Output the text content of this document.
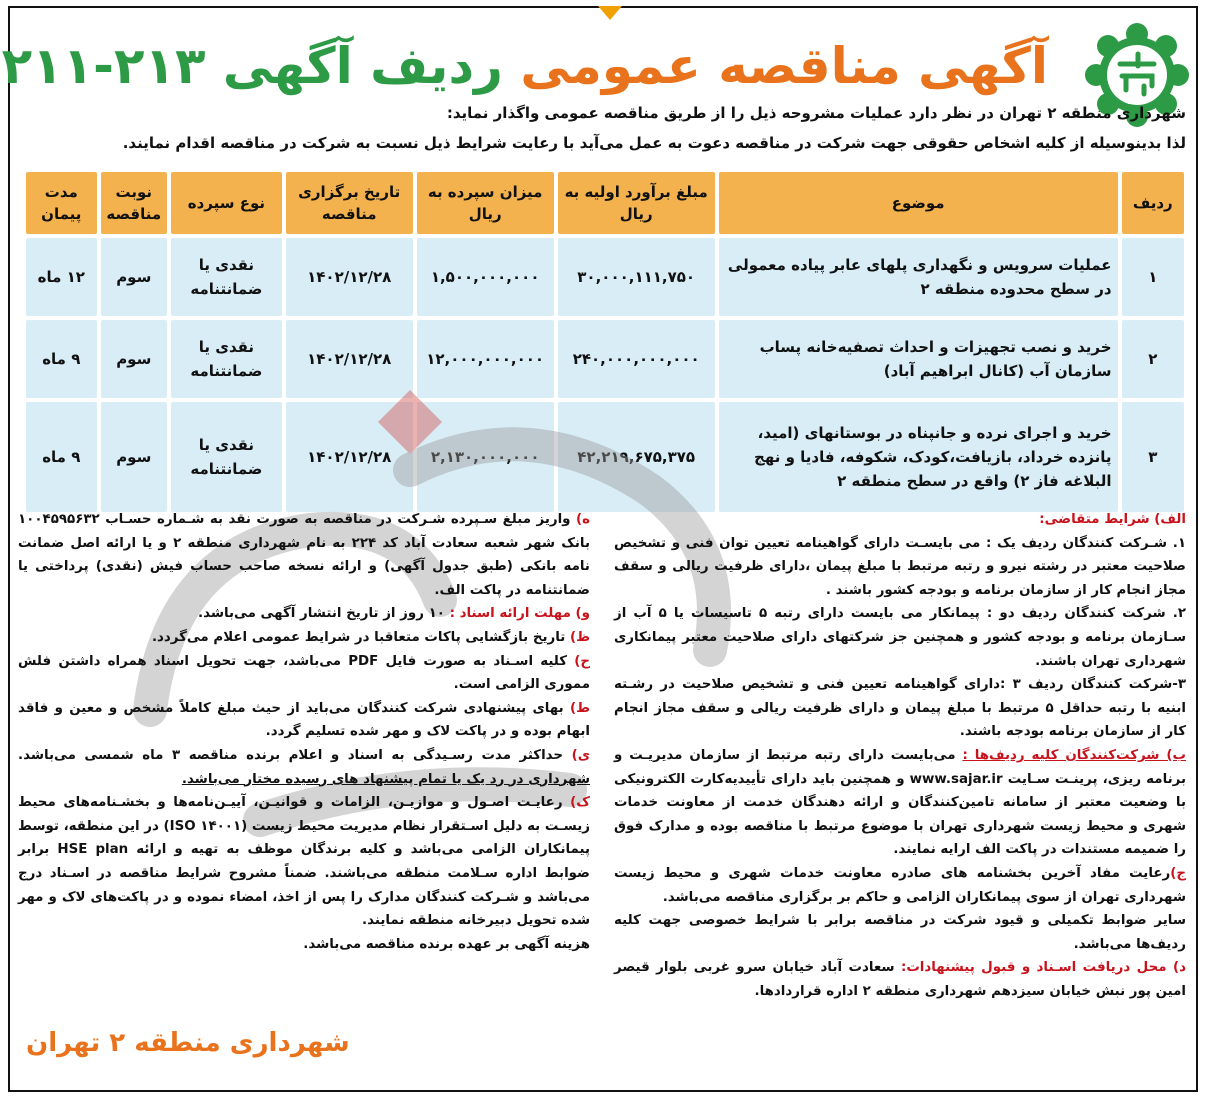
آگهی مناقصه عمومی ردیف آگهی ۲۱۳-۲۱۱
شهرداری منطقه ۲ تهران در نظر دارد عملیات مشروحه ذیل را از طریق مناقصه عمومی واگذار نماید:
لذا بدینوسیله از کلیه اشخاص حقوقی جهت شرکت در مناقصه دعوت به عمل می‌آید با رعایت شرایط ذیل نسبت به شرکت در مناقصه اقدام نمایند.
ردیف	موضوع	مبلغ برآورد اولیه به ریال	میزان سپرده به ریال	تاریخ برگزاری مناقصه	نوع سپرده	نوبت مناقصه	مدت پیمان
۱	عملیات سرویس و نگهداری پلهای عابر پیاده معمولی در سطح محدوده منطقه ۲	۳۰,۰۰۰,۱۱۱,۷۵۰	۱,۵۰۰,۰۰۰,۰۰۰	۱۴۰۲/۱۲/۲۸	نقدی یا ضمانتنامه	سوم	۱۲ ماه
۲	خرید و نصب تجهیزات و احداث تصفیه‌خانه پساب سازمان آب (کانال ابراهیم آباد)	۲۴۰,۰۰۰,۰۰۰,۰۰۰	۱۲,۰۰۰,۰۰۰,۰۰۰	۱۴۰۲/۱۲/۲۸	نقدی یا ضمانتنامه	سوم	۹ ماه
۳	خرید و اجرای نرده و جانپناه در بوستانهای (امید، پانزده خرداد، بازیافت،کودک، شکوفه، فادیا و نهج البلاغه فاز ۲) واقع در سطح منطقه ۲	۴۲,۲۱۹,۶۷۵,۳۷۵	۲,۱۳۰,۰۰۰,۰۰۰	۱۴۰۲/۱۲/۲۸	نقدی یا ضمانتنامه	سوم	۹ ماه

الف) شرایط متقاضی:

۱. شـرکت کنندگان ردیف یک : می بایسـت دارای گواهینامه تعیین توان فنی و تشخیص صلاحیت معتبر در رشته نیرو و رتبه مرتبط با مبلغ پیمان ،دارای ظرفیت ریالی و سقف مجاز انجام کار از سازمان برنامه و بودجه کشور باشند .

۲. شرکت کنندگان ردیف دو : پیمانکار می بایست دارای رتبه ۵ تاسیسات یا ۵ آب از سـازمان برنامه و بودجه کشور و همچنین جز شرکتهای دارای صلاحیت معتبر پیمانکاری شهرداری تهران باشند.

۳-شرکت کنندگان ردیف ۳ :دارای گواهینامه تعیین فنی و تشخیص صلاحیت در رشـته ابنیه با رتبه حداقل ۵ مرتبط با مبلغ پیمان و دارای ظرفیت ریالی و سقف مجاز انجام کار از سازمان برنامه بودجه باشند.

ب) شرکت‌کنندگان کلیه ردیف‌ها : می‌بایست دارای رتبه مرتبط از سازمان مدیریـت و برنامه ریزی، پرینـت سـایت www.sajar.ir و همچنین باید دارای تأییدیه‌کارت الکترونیکی با وضعیت معتبر از سامانه تامین‌کنندگان و ارائه دهندگان خدمت از معاونت خدمات شهری و محیط زیست شهرداری تهران با موضوع مرتبط با مناقصه بوده و مدارک فوق را ضمیمه مستندات در پاکت الف ارایه نمایند.

ج)رعایت مفاد آخرین بخشنامه های صادره معاونت خدمات شهری و محیط زیست شهرداری تهران از سوی پیمانکاران الزامی و حاکم بر برگزاری مناقصه می‌باشد.

سایر ضوابط تکمیلی و قیود شرکت در مناقصه برابر با شرایط خصوصی جهت کلیه ردیف‌ها می‌باشد.

د) محل دریافت اسـناد و قبول پیشنهادات: سعادت آباد خیابان سرو غربی بلوار قیصر امین پور نبش خیابان سیزدهم شهرداری منطقه ۲ اداره قراردادها.

ه) واریز مبلغ سـپرده شـرکت در مناقصه به صورت نقد به شـماره حسـاب ۱۰۰۴۵۹۵۶۳۲ بانک شهر شعبه سعادت آباد کد ۲۲۴ به نام شهرداری منطقه ۲ و یا ارائه اصل ضمانت نامه بانکی (طبق جدول آگهی) و ارائه نسخه صاحب حساب فیش (نقدی) پرداختی یا ضمانتنامه در پاکت الف.

و) مهلت ارائه اسناد : ۱۰ روز از تاریخ انتشار آگهی می‌باشد.

ظ) تاریخ بازگشایی پاکات متعاقبا در شرایط عمومی اعلام می‌گردد.

ح) کلیه اسـناد به صورت فایل PDF می‌باشد، جهت تحویل اسناد همراه داشتن فلش مموری الزامی است.

ط) بهای پیشنهادی شرکت کنندگان می‌باید از حیث مبلغ کاملاً مشخص و معین و فاقد ابهام بوده و در پاکت لاک و مهر شده تسلیم گردد.

ی) حداکثر مدت رسـیدگی به اسناد و اعلام برنده مناقصه ۳ ماه شمسی می‌باشد. شهرداری در رد یک یا تمام پیشنهاد های رسیده مختار می‌باشد.

ک) رعایـت اصـول و موازیـن، الزامات و قوانیـن، آییـن‌نامه‌ها و بخشـنامه‌های محیط زیسـت به دلیل اسـتقرار نظام مدیریت محیط زیست (ISO ۱۴۰۰۱) در این منطقه، توسط پیمانکاران الزامی می‌باشد و کلیه برندگان موظف به تهیه و ارائه HSE plan برابر ضوابط اداره سـلامت منطقه می‌باشند. ضمناً مشروح شرایط مناقصه در اسـناد درج می‌باشد و شـرکت کنندگان مدارک را پس از اخذ، امضاء نموده و در پاکت‌های لاک و مهر شده تحویل دبیرخانه منطقه نمایند.

هزینه آگهی بر عهده برنده مناقصه می‌باشد.

شهرداری منطقه ۲ تهران
